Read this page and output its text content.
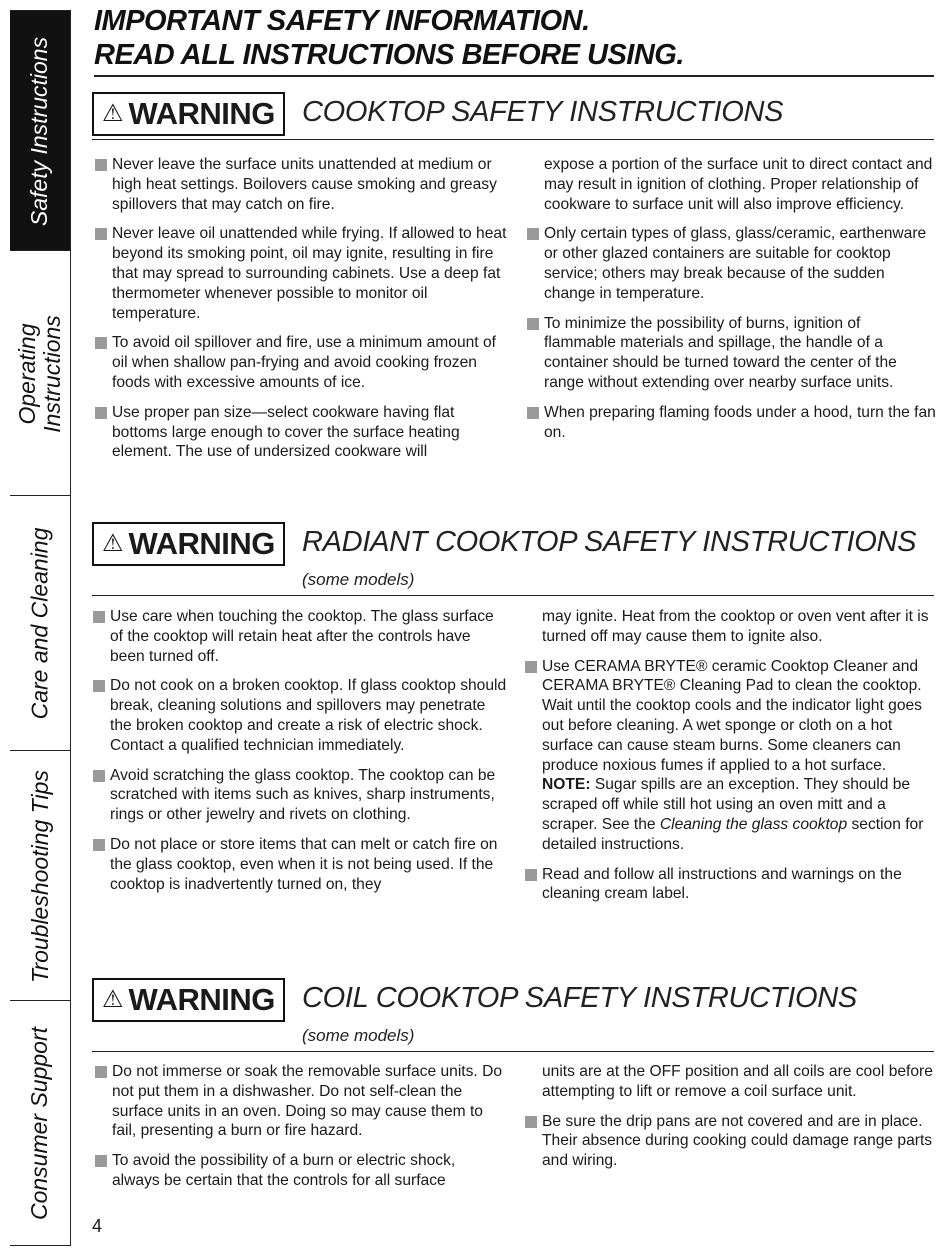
Safety Instructions
Operating
Instructions
Care and Cleaning
Troubleshooting Tips
Consumer Support
IMPORTANT SAFETY INFORMATION.
READ ALL INSTRUCTIONS BEFORE USING.
⚠ WARNING COOKTOP SAFETY INSTRUCTIONS
Never leave the surface units unattended at medium or high heat settings. Boilovers cause smoking and greasy spillovers that may catch on fire.
Never leave oil unattended while frying. If allowed to heat beyond its smoking point, oil may ignite, resulting in fire that may spread to surrounding cabinets. Use a deep fat thermometer whenever possible to monitor oil temperature.
To avoid oil spillover and fire, use a minimum amount of oil when shallow pan-frying and avoid cooking frozen foods with excessive amounts of ice.
Use proper pan size—select cookware having flat bottoms large enough to cover the surface heating element. The use of undersized cookware will
expose a portion of the surface unit to direct contact and may result in ignition of clothing. Proper relationship of cookware to surface unit will also improve efficiency.
Only certain types of glass, glass/ceramic, earthenware or other glazed containers are suitable for cooktop service; others may break because of the sudden change in temperature.
To minimize the possibility of burns, ignition of flammable materials and spillage, the handle of a container should be turned toward the center of the range without extending over nearby surface units.
When preparing flaming foods under a hood, turn the fan on.
⚠ WARNING RADIANT COOKTOP SAFETY INSTRUCTIONS
(some models)
Use care when touching the cooktop. The glass surface of the cooktop will retain heat after the controls have been turned off.
Do not cook on a broken cooktop. If glass cooktop should break, cleaning solutions and spillovers may penetrate the broken cooktop and create a risk of electric shock. Contact a qualified technician immediately.
Avoid scratching the glass cooktop. The cooktop can be scratched with items such as knives, sharp instruments, rings or other jewelry and rivets on clothing.
Do not place or store items that can melt or catch fire on the glass cooktop, even when it is not being used. If the cooktop is inadvertently turned on, they
may ignite. Heat from the cooktop or oven vent after it is turned off may cause them to ignite also.
Use CERAMA BRYTE® ceramic Cooktop Cleaner and CERAMA BRYTE® Cleaning Pad to clean the cooktop. Wait until the cooktop cools and the indicator light goes out before cleaning. A wet sponge or cloth on a hot surface can cause steam burns. Some cleaners can produce noxious fumes if applied to a hot surface. NOTE: Sugar spills are an exception. They should be scraped off while still hot using an oven mitt and a scraper. See the Cleaning the glass cooktop section for detailed instructions.
Read and follow all instructions and warnings on the cleaning cream label.
⚠ WARNING COIL COOKTOP SAFETY INSTRUCTIONS
(some models)
Do not immerse or soak the removable surface units. Do not put them in a dishwasher. Do not self-clean the surface units in an oven. Doing so may cause them to fail, presenting a burn or fire hazard.
To avoid the possibility of a burn or electric shock, always be certain that the controls for all surface
units are at the OFF position and all coils are cool before attempting to lift or remove a coil surface unit.
Be sure the drip pans are not covered and are in place. Their absence during cooking could damage range parts and wiring.
4
